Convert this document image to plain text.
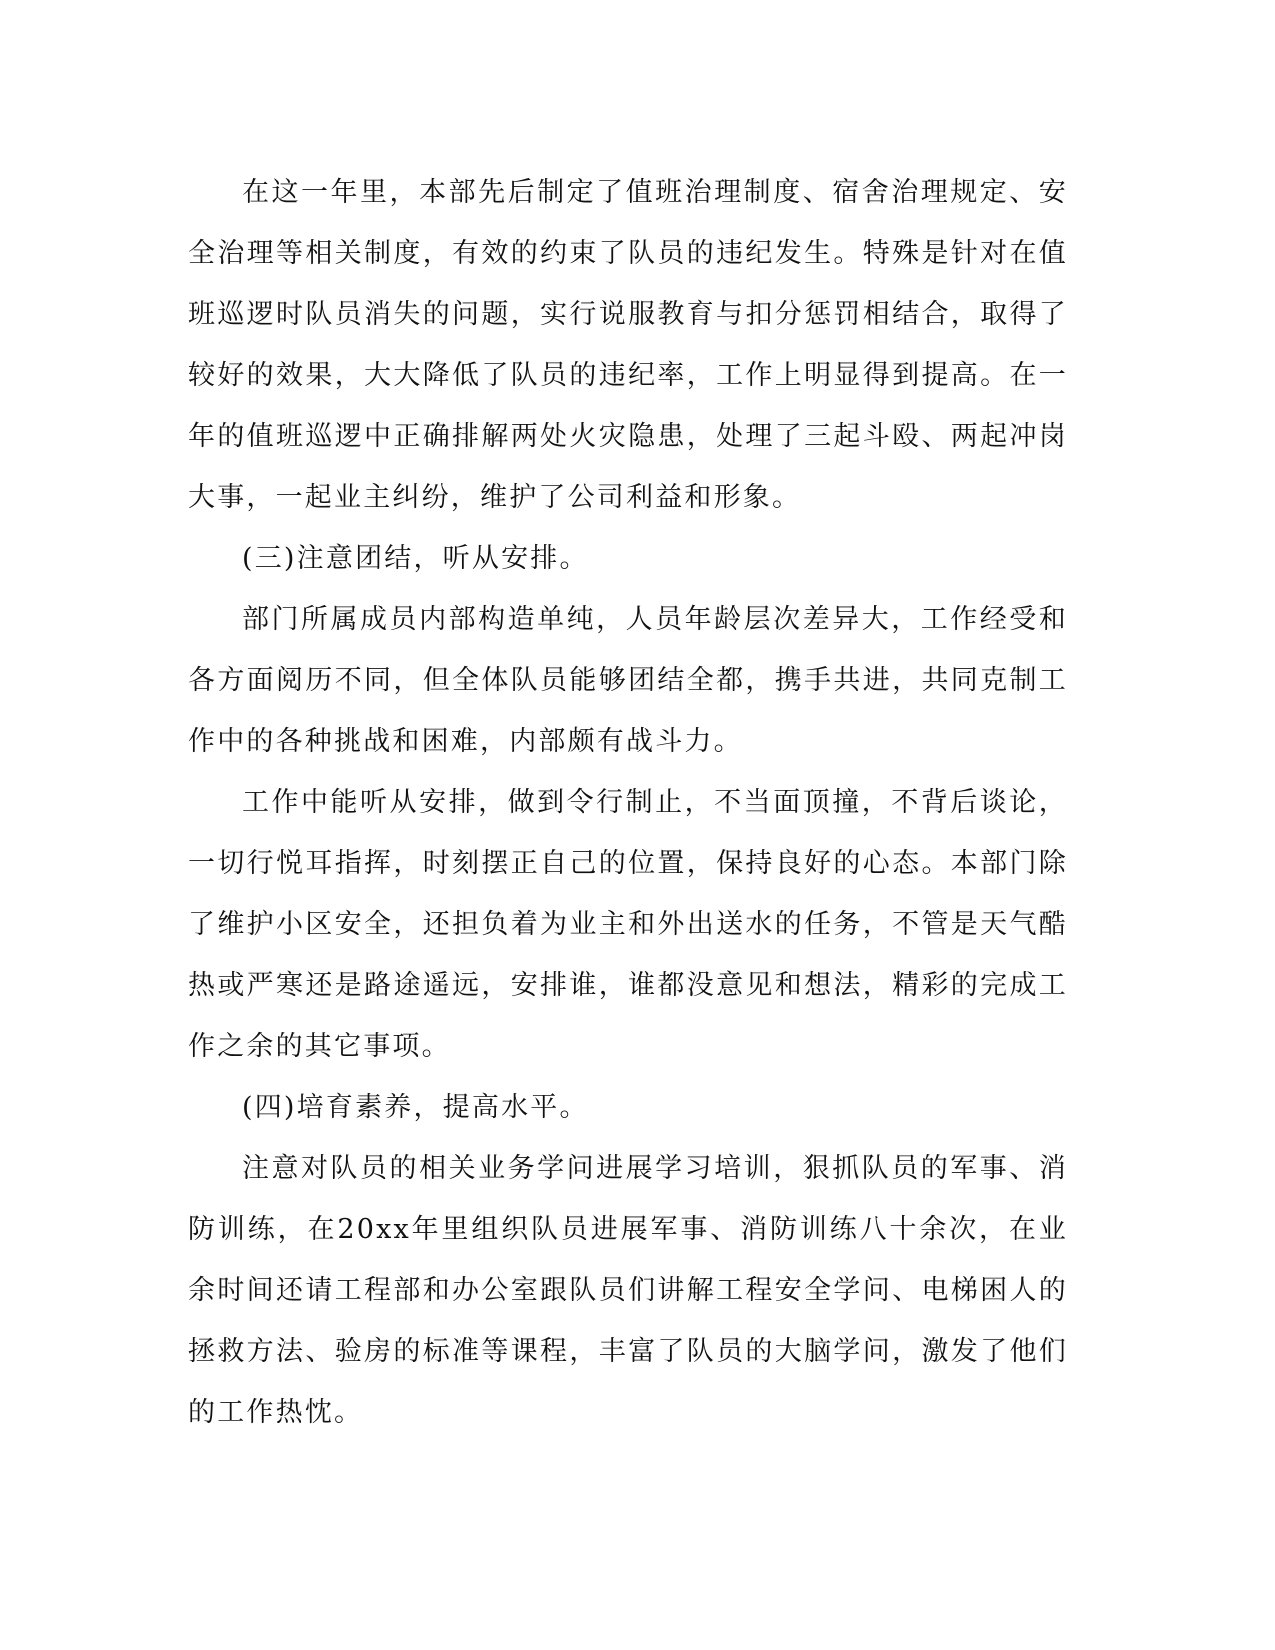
在这一年里，本部先后制定了值班治理制度、宿舍治理规定、安全治理等相关制度，有效的约束了队员的违纪发生。特殊是针对在值班巡逻时队员消失的问题，实行说服教育与扣分惩罚相结合，取得了较好的效果，大大降低了队员的违纪率，工作上明显得到提高。在一年的值班巡逻中正确排解两处火灾隐患，处理了三起斗殴、两起冲岗大事，一起业主纠纷，维护了公司利益和形象。

(三)注意团结，听从安排。

部门所属成员内部构造单纯，人员年龄层次差异大，工作经受和各方面阅历不同，但全体队员能够团结全都，携手共进，共同克制工作中的各种挑战和困难，内部颇有战斗力。

工作中能听从安排，做到令行制止，不当面顶撞，不背后谈论，一切行悦耳指挥，时刻摆正自己的位置，保持良好的心态。本部门除了维护小区安全，还担负着为业主和外出送水的任务，不管是天气酷热或严寒还是路途遥远，安排谁，谁都没意见和想法，精彩的完成工作之余的其它事项。

(四)培育素养，提高水平。

注意对队员的相关业务学问进展学习培训，狠抓队员的军事、消防训练，在20xx年里组织队员进展军事、消防训练八十余次，在业余时间还请工程部和办公室跟队员们讲解工程安全学问、电梯困人的拯救方法、验房的标准等课程，丰富了队员的大脑学问，激发了他们的工作热忱。
